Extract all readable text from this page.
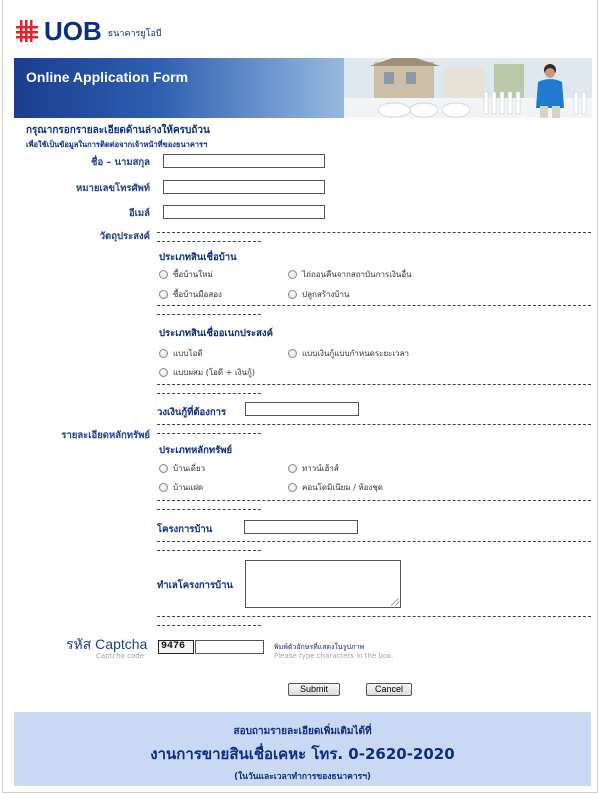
UOB ธนาคารยูโอบี
Online Application Form
กรุณากรอกรายละเอียดด้านล่างให้ครบถ้วน
เพื่อใช้เป็นข้อมูลในการติดต่อจากเจ้าหน้าที่ของธนาคารฯ
ชื่อ – นามสกุล
หมายเลขโทรศัพท์
อีเมล์
วัตถุประสงค์
ประเภทสินเชื่อบ้าน
ซื้อบ้านใหม่	ไถ่ถอนคืนจากสถาบันการเงินอื่น
ซื้อบ้านมือสอง	ปลูกสร้างบ้าน
ประเภทสินเชื่ออเนกประสงค์
แบบโอดี	แบบเงินกู้แบบกำหนดระยะเวลา
แบบผสม (โอดี + เงินกู้)
วงเงินกู้ที่ต้องการ
รายละเอียดหลักทรัพย์
ประเภทหลักทรัพย์
บ้านเดี่ยว	ทาวน์เฮ้าส์
บ้านแฝด	คอนโดมิเนียม / ห้องชุด
โครงการบ้าน
ทำเลโครงการบ้าน
รหัส Captcha
Captcha code
9476	พิมพ์ตัวอักษรที่แสดงในรูปภาพ
Please type characters in the box.
Submit	Cancel
สอบถามรายละเอียดเพิ่มเติมได้ที่
งานการขายสินเชื่อเคหะ โทร. 0-2620-2020
(ในวันและเวลาทำการของธนาคารฯ)
